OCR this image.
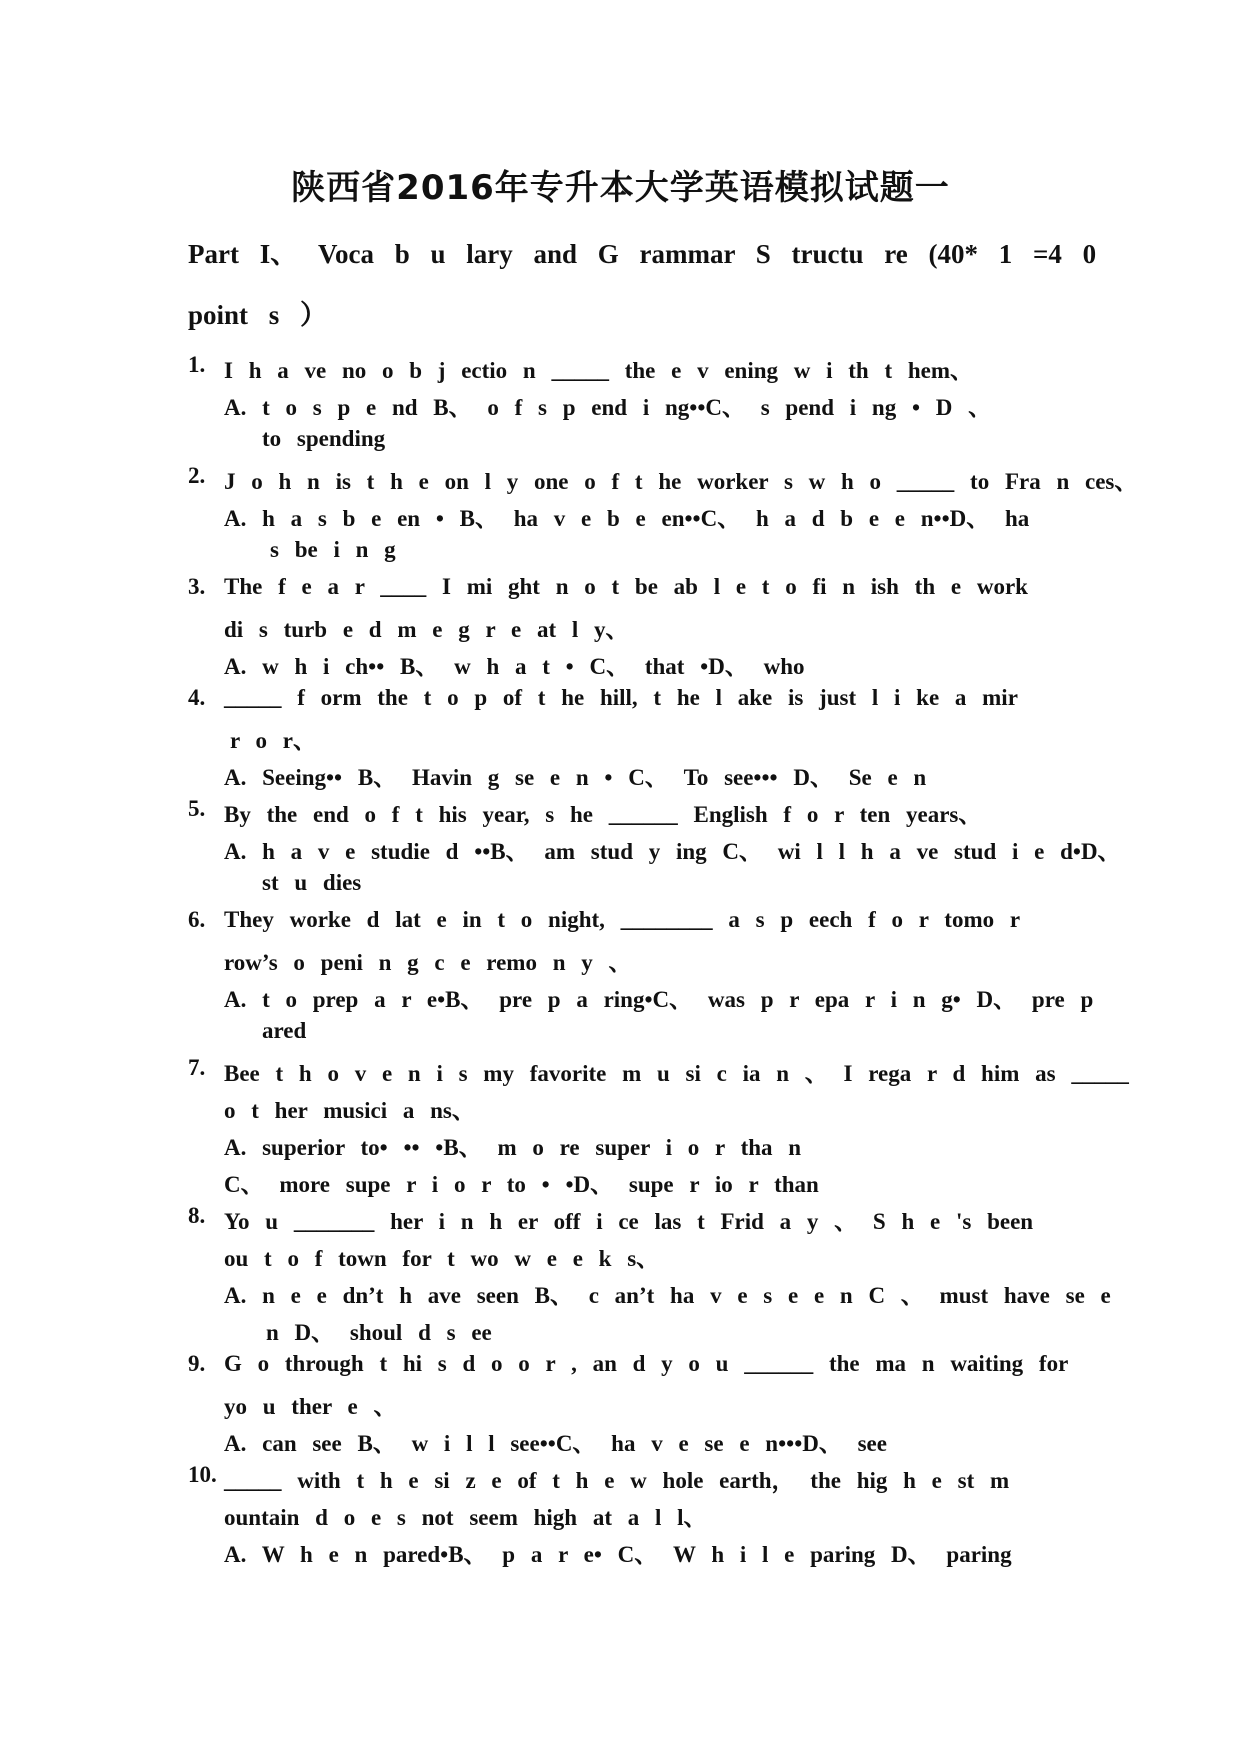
陕西省2016年专升本大学英语模拟试题一
Part I、 Voca b u lary and G rammar S tructu re (40* 1 =4 0
point s ）
1. I h a ve no o b j ectio n _____ the e v ening w i th t hem、
A. t o s p e nd B、 o f s p end i ng••C、 s pend i ng • D 、
to spending
2. J o h n is t h e on l y one o f t he worker s w h o _____ to Fra n ces、
A. h a s b e en • B、 ha v e b e en••C、 h a d b e e n••D、 ha
s be i n g
3. The f e a r ____ I mi ght n o t be ab l e t o fi n ish th e work
di s turb e d m e g r e at l y、
A. w h i ch•• B、 w h a t • C、 that •D、 who
4. _____ f orm the t o p of t he hill, t he l ake is just l i ke a mir
r o r、
A. Seeing•• B、 Havin g se e n • C、 To see••• D、 Se e n
5. By the end o f t his year, s he ______ English f o r ten years、
A. h a v e studie d ••B、 am stud y ing C、 wi l l h a ve stud i e d•D、
st u dies
6. They worke d lat e in t o night, ________ a s p eech f o r tomo r
row’s o peni n g c e remo n y 、
A. t o prep a r e•B、 pre p a ring•C、 was p r epa r i n g• D、 pre p
ared
7. Bee t h o v e n i s my favorite m u si c ia n 、 I rega r d him as _____
o t her musici a ns、
A. superior to• •• •B、 m o re super i o r tha n
C、 more supe r i o r to • •D、 supe r io r than
8. Yo u _______ her i n h er off i ce las t Frid a y 、 S h e 's been
ou t o f town for t wo w e e k s、
A. n e e dn’t h ave seen B、 c an’t ha v e s e e n C 、 must have se e
n D、 shoul d s ee
9. G o through t hi s d o o r , an d y o u ______ the ma n waiting for
yo u ther e 、
A. can see B、 w i l l see••C、 ha v e se e n•••D、 see
10. _____ with t h e si z e of t h e w hole earth， the hig h e st m
ountain d o e s not seem high at a l l、
A. W h e n pared•B、 p a r e• C、 W h i l e paring D、 paring
